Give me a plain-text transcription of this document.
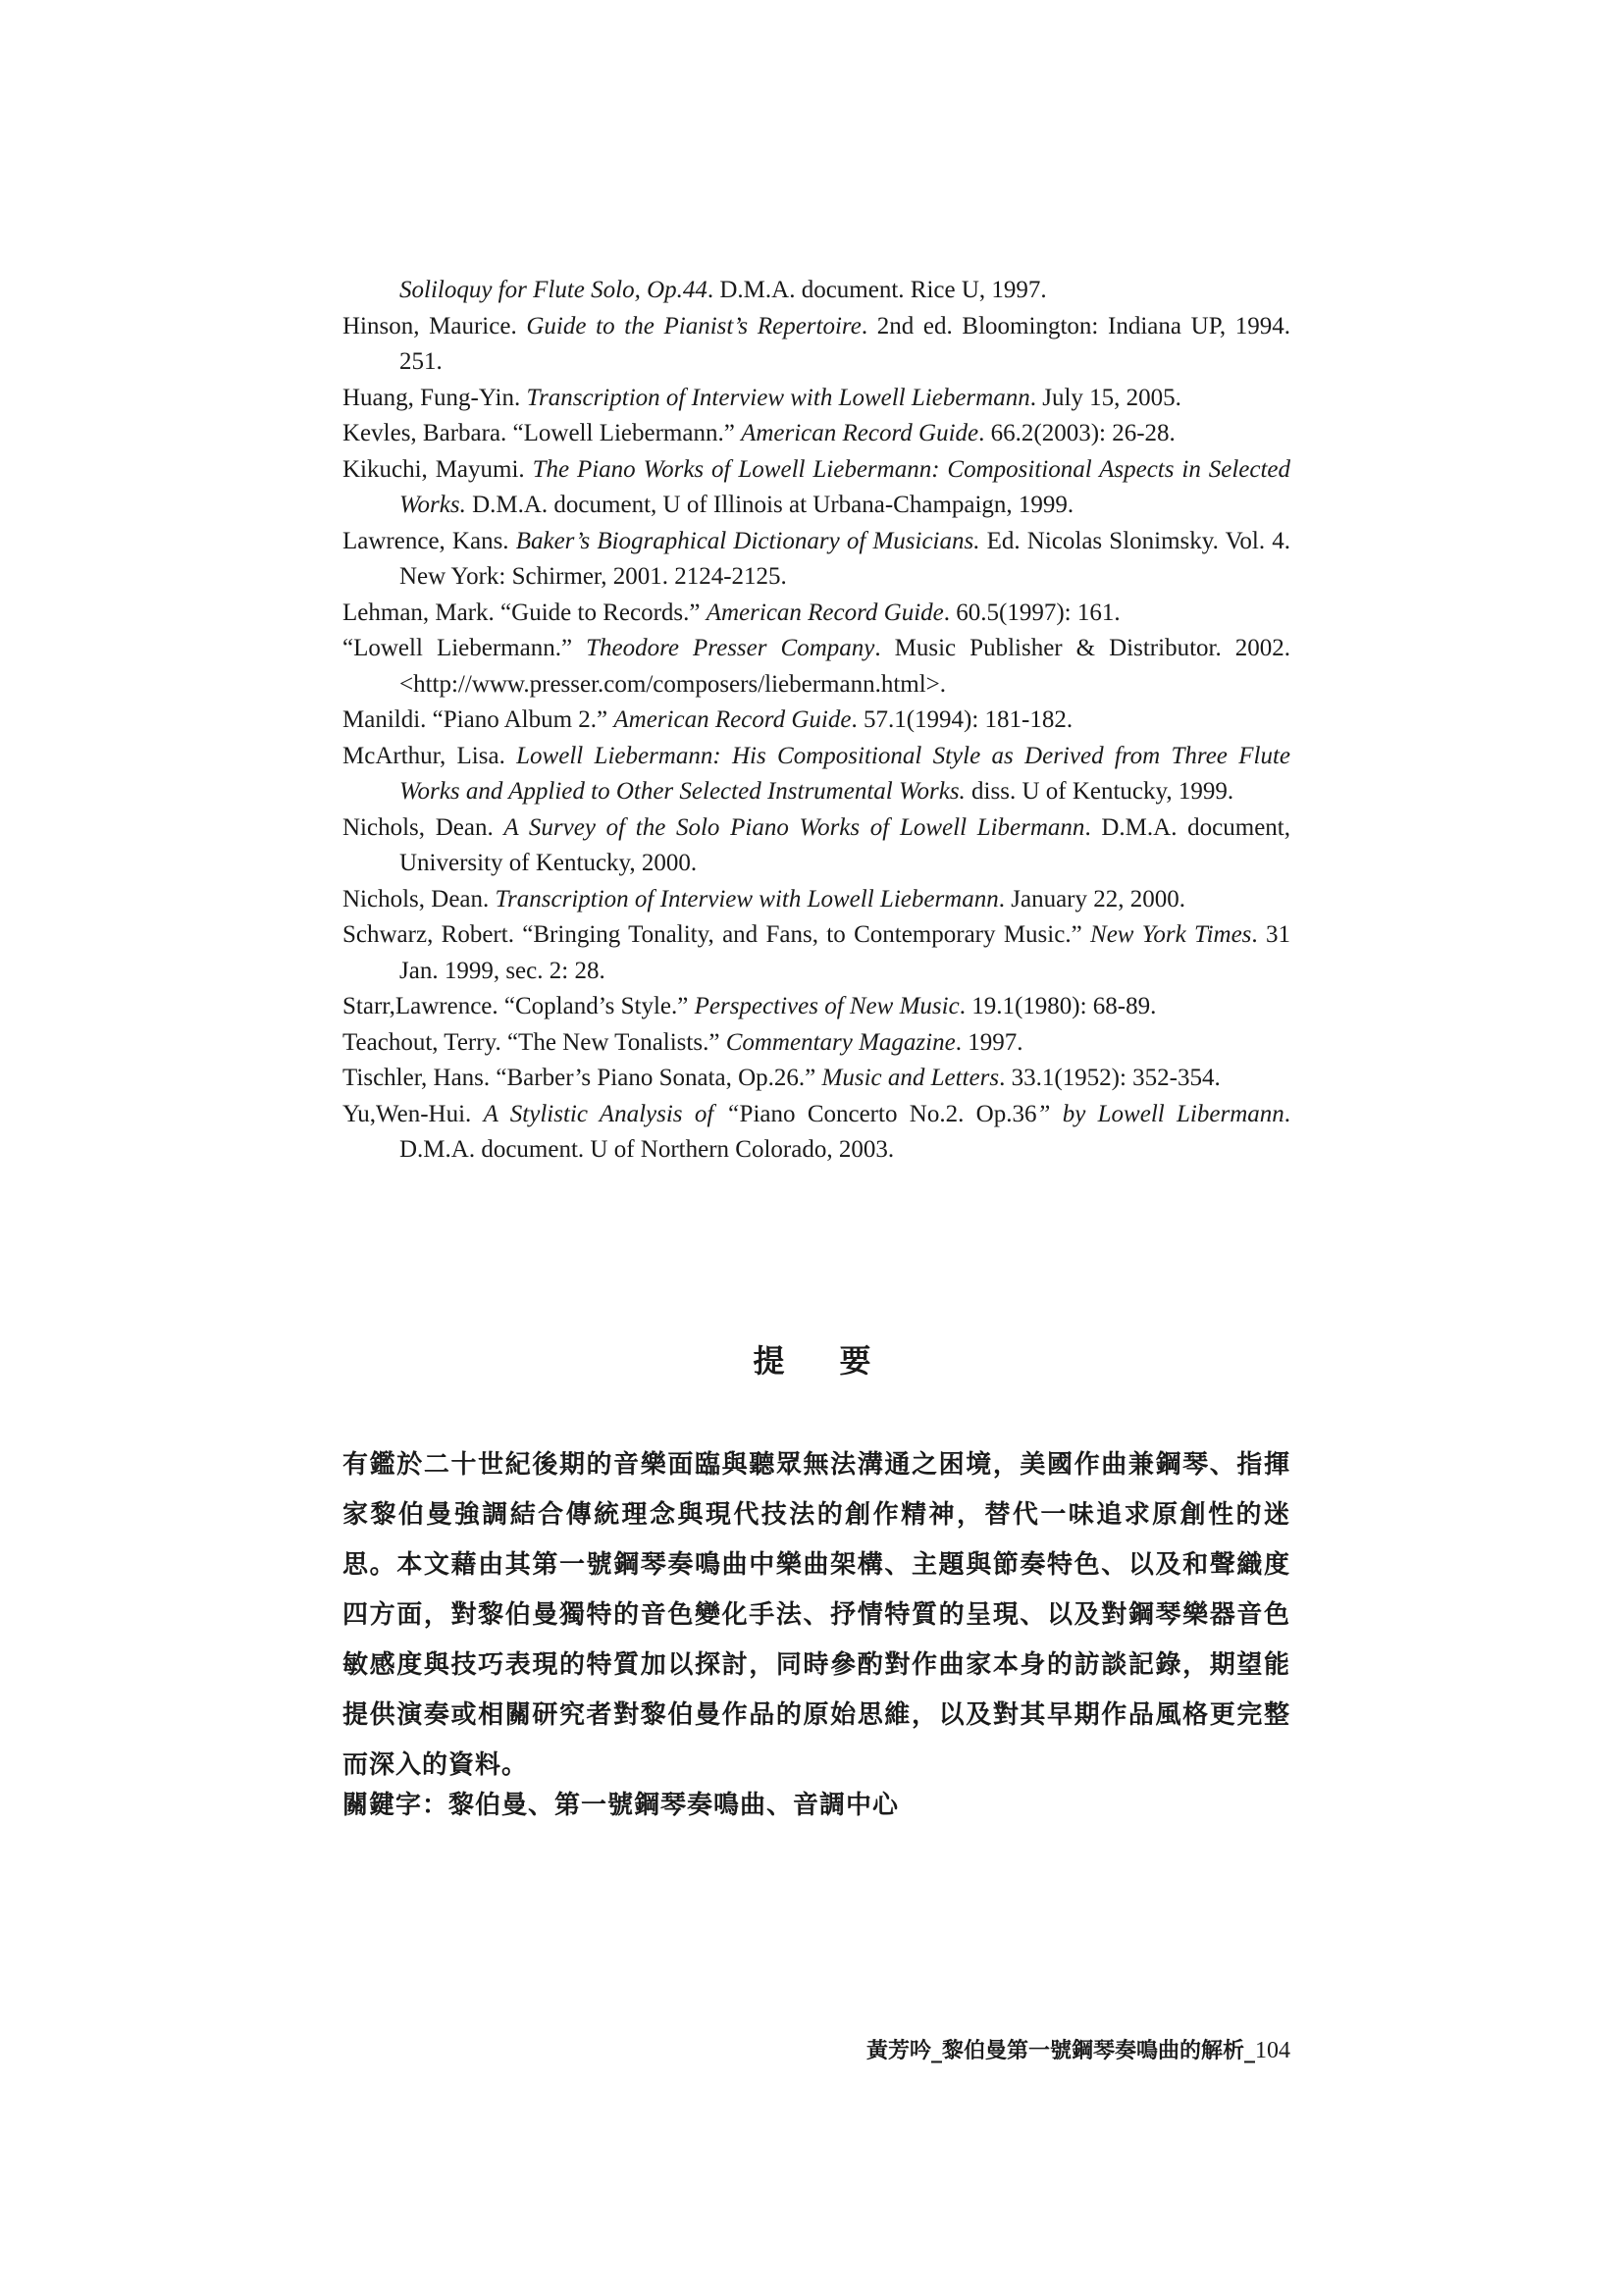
Soliloquy for Flute Solo, Op.44. D.M.A. document. Rice U, 1997.
Hinson, Maurice. Guide to the Pianist’s Repertoire. 2nd ed. Bloomington: Indiana UP, 1994. 251.
Huang, Fung-Yin. Transcription of Interview with Lowell Liebermann. July 15, 2005.
Kevles, Barbara. “Lowell Liebermann.” American Record Guide. 66.2(2003): 26-28.
Kikuchi, Mayumi. The Piano Works of Lowell Liebermann: Compositional Aspects in Selected Works. D.M.A. document, U of Illinois at Urbana-Champaign, 1999.
Lawrence, Kans. Baker’s Biographical Dictionary of Musicians. Ed. Nicolas Slonimsky. Vol. 4. New York: Schirmer, 2001. 2124-2125.
Lehman, Mark. “Guide to Records.” American Record Guide. 60.5(1997): 161.
“Lowell Liebermann.” Theodore Presser Company. Music Publisher & Distributor. 2002. <http://www.presser.com/composers/liebermann.html>.
Manildi. “Piano Album 2.” American Record Guide. 57.1(1994): 181-182.
McArthur, Lisa. Lowell Liebermann: His Compositional Style as Derived from Three Flute Works and Applied to Other Selected Instrumental Works. diss. U of Kentucky, 1999.
Nichols, Dean. A Survey of the Solo Piano Works of Lowell Libermann. D.M.A. document, University of Kentucky, 2000.
Nichols, Dean. Transcription of Interview with Lowell Liebermann. January 22, 2000.
Schwarz, Robert. “Bringing Tonality, and Fans, to Contemporary Music.” New York Times. 31 Jan. 1999, sec. 2: 28.
Starr,Lawrence. “Copland’s Style.” Perspectives of New Music. 19.1(1980): 68-89.
Teachout, Terry. “The New Tonalists.” Commentary Magazine. 1997.
Tischler, Hans. “Barber’s Piano Sonata, Op.26.” Music and Letters. 33.1(1952): 352-354.
Yu,Wen-Hui. A Stylistic Analysis of “Piano Concerto No.2. Op.36” by Lowell Libermann. D.M.A. document. U of Northern Colorado, 2003.
提要
有鑑於二十世紀後期的音樂面臨與聽眾無法溝通之困境，美國作曲兼鋼琴、指揮家黎伯曼強調結合傳統理念與現代技法的創作精神，替代一味追求原創性的迷思。本文藉由其第一號鋼琴奏鳴曲中樂曲架構、主題與節奏特色、以及和聲織度四方面，對黎伯曼獨特的音色變化手法、抒情特質的呈現、以及對鋼琴樂器音色敏感度與技巧表現的特質加以探討，同時參酌對作曲家本身的訪談記錄，期望能提供演奏或相關研究者對黎伯曼作品的原始思維，以及對其早期作品風格更完整而深入的資料。
關鍵字：黎伯曼、第一號鋼琴奏鳴曲、音調中心
黃芳吟_黎伯曼第一號鋼琴奏鳴曲的解析_104
